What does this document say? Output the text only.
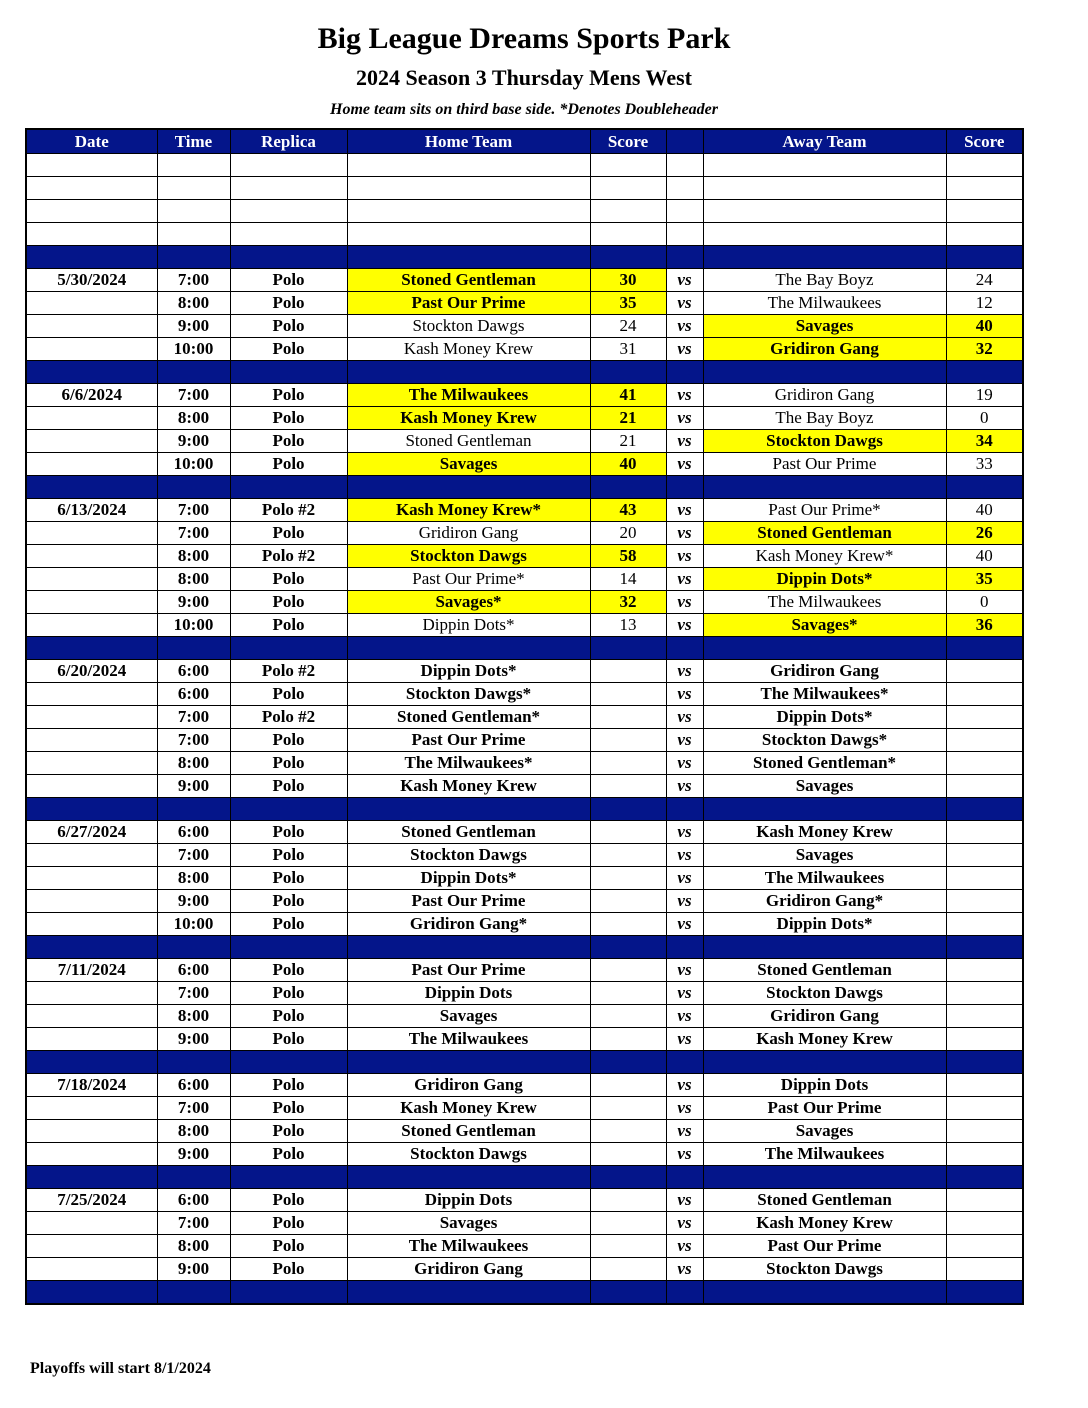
Big League Dreams Sports Park
2024 Season 3 Thursday Mens West
Home team sits on third base side. *Denotes Doubleheader
Date	Time	Replica	Home Team	Score		Away Team	Score

5/30/2024	7:00	Polo	Stoned Gentleman	30	vs	The Bay Boyz	24
	8:00	Polo	Past Our Prime	35	vs	The Milwaukees	12
	9:00	Polo	Stockton Dawgs	24	vs	Savages	40
	10:00	Polo	Kash Money Krew	31	vs	Gridiron Gang	32

6/6/2024	7:00	Polo	The Milwaukees	41	vs	Gridiron Gang	19
	8:00	Polo	Kash Money Krew	21	vs	The Bay Boyz	0
	9:00	Polo	Stoned Gentleman	21	vs	Stockton Dawgs	34
	10:00	Polo	Savages	40	vs	Past Our Prime	33

6/13/2024	7:00	Polo #2	Kash Money Krew*	43	vs	Past Our Prime*	40
	7:00	Polo	Gridiron Gang	20	vs	Stoned Gentleman	26
	8:00	Polo #2	Stockton Dawgs	58	vs	Kash Money Krew*	40
	8:00	Polo	Past Our Prime*	14	vs	Dippin Dots*	35
	9:00	Polo	Savages*	32	vs	The Milwaukees	0
	10:00	Polo	Dippin Dots*	13	vs	Savages*	36

6/20/2024	6:00	Polo #2	Dippin Dots*		vs	Gridiron Gang	
	6:00	Polo	Stockton Dawgs*		vs	The Milwaukees*	
	7:00	Polo #2	Stoned Gentleman*		vs	Dippin Dots*	
	7:00	Polo	Past Our Prime		vs	Stockton Dawgs*	
	8:00	Polo	The Milwaukees*		vs	Stoned Gentleman*	
	9:00	Polo	Kash Money Krew		vs	Savages	

6/27/2024	6:00	Polo	Stoned Gentleman		vs	Kash Money Krew	
	7:00	Polo	Stockton Dawgs		vs	Savages	
	8:00	Polo	Dippin Dots*		vs	The Milwaukees	
	9:00	Polo	Past Our Prime		vs	Gridiron Gang*	
	10:00	Polo	Gridiron Gang*		vs	Dippin Dots*	

7/11/2024	6:00	Polo	Past Our Prime		vs	Stoned Gentleman	
	7:00	Polo	Dippin Dots		vs	Stockton Dawgs	
	8:00	Polo	Savages		vs	Gridiron Gang	
	9:00	Polo	The Milwaukees		vs	Kash Money Krew	

7/18/2024	6:00	Polo	Gridiron Gang		vs	Dippin Dots	
	7:00	Polo	Kash Money Krew		vs	Past Our Prime	
	8:00	Polo	Stoned Gentleman		vs	Savages	
	9:00	Polo	Stockton Dawgs		vs	The Milwaukees	

7/25/2024	6:00	Polo	Dippin Dots		vs	Stoned Gentleman	
	7:00	Polo	Savages		vs	Kash Money Krew	
	8:00	Polo	The Milwaukees		vs	Past Our Prime	
	9:00	Polo	Gridiron Gang		vs	Stockton Dawgs	

Playoffs will start 8/1/2024
